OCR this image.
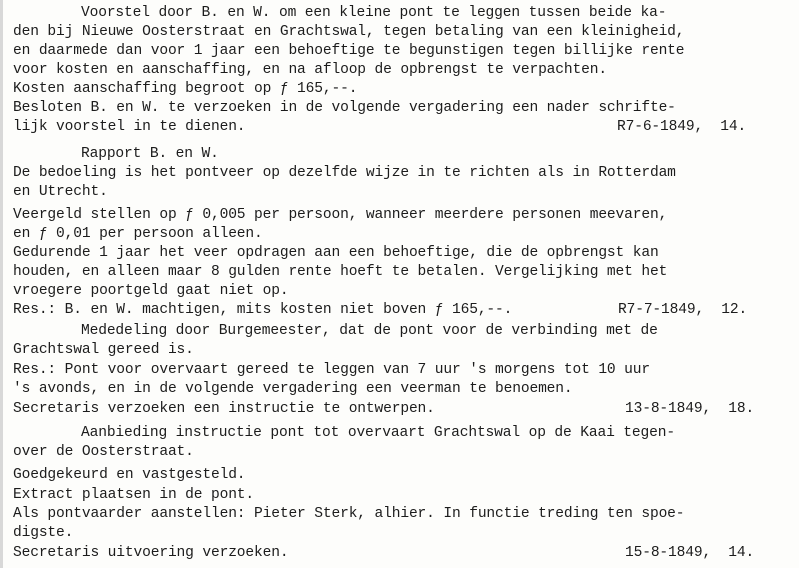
Voorstel door B. en W. om een kleine pont te leggen tussen beide ka-
den bij Nieuwe Oosterstraat en Grachtswal, tegen betaling van een kleinigheid,
en daarmede dan voor 1 jaar een behoeftige te begunstigen tegen billijke rente
voor kosten en aanschaffing, en na afloop de opbrengst te verpachten.
Kosten aanschaffing begroot op ƒ 165,--.
Besloten B. en W. te verzoeken in de volgende vergadering een nader schrifte-
lijk voorstel in te dienen.	R7-6-1849,  14.
Rapport B. en W.
De bedoeling is het pontveer op dezelfde wijze in te richten als in Rotterdam
en Utrecht.
Veergeld stellen op ƒ 0,005 per persoon, wanneer meerdere personen meevaren,
en ƒ 0,01 per persoon alleen.
Gedurende 1 jaar het veer opdragen aan een behoeftige, die de opbrengst kan
houden, en alleen maar 8 gulden rente hoeft te betalen. Vergelijking met het
vroegere poortgeld gaat niet op.
Res.: B. en W. machtigen, mits kosten niet boven ƒ 165,--.	R7-7-1849,  12.
Mededeling door Burgemeester, dat de pont voor de verbinding met de
Grachtswal gereed is.
Res.: Pont voor overvaart gereed te leggen van 7 uur 's morgens tot 10 uur
's avonds, en in de volgende vergadering een veerman te benoemen.
Secretaris verzoeken een instructie te ontwerpen.	13-8-1849,  18.
Aanbieding instructie pont tot overvaart Grachtswal op de Kaai tegen-
over de Oosterstraat.
Goedgekeurd en vastgesteld.
Extract plaatsen in de pont.
Als pontvaarder aanstellen: Pieter Sterk, alhier. In functie treding ten spoe-
digste.
Secretaris uitvoering verzoeken.	15-8-1849,  14.
